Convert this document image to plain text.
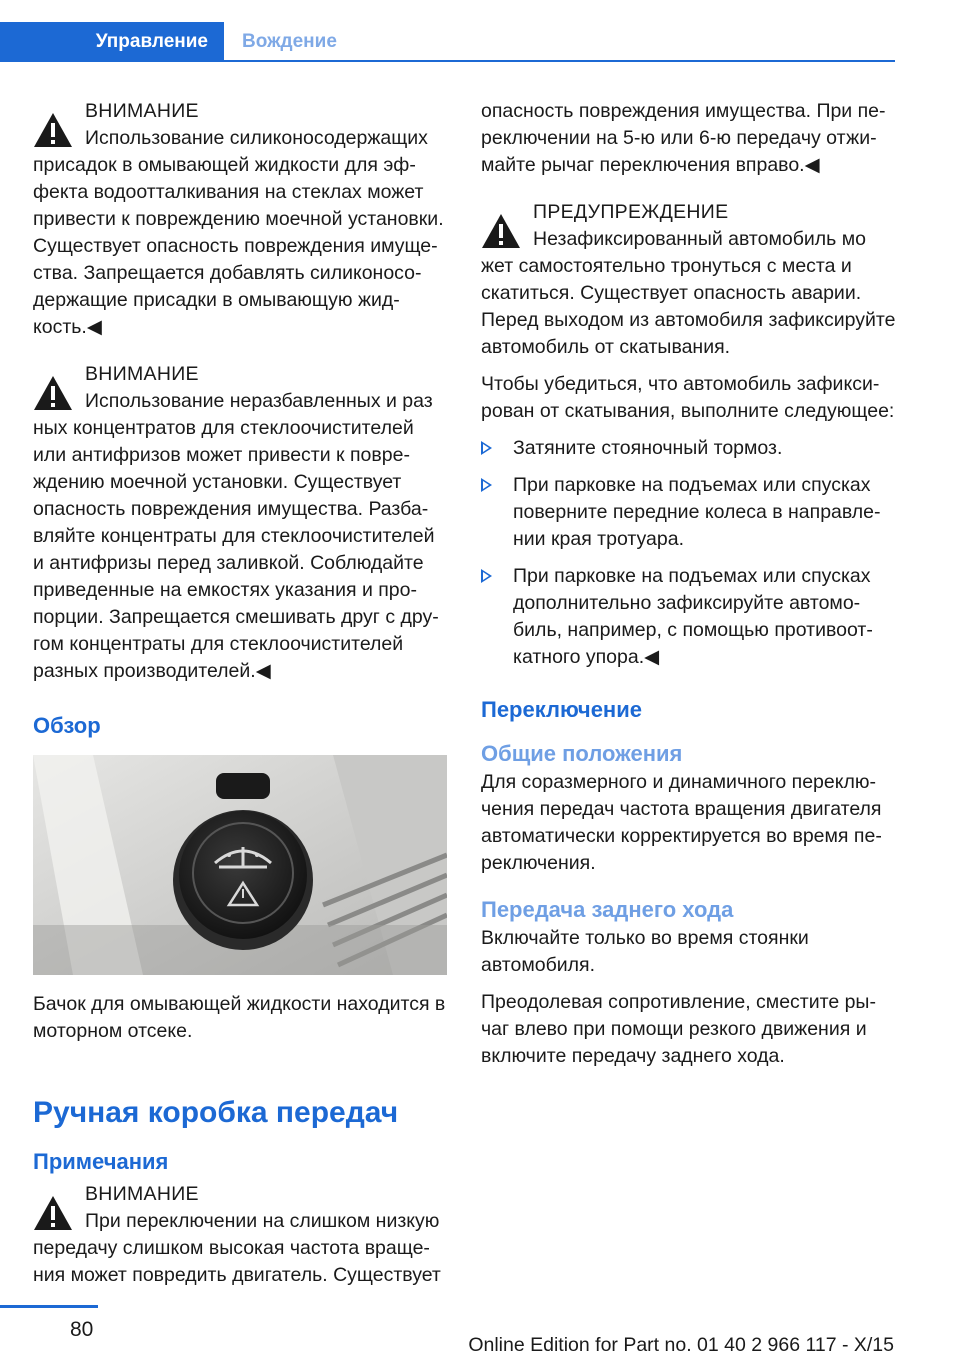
Управление	Вождение

ВНИМАНИЕ

Использование силиконосодержащих

присадок в омывающей жидкости для эффекта водоотталкивания на стеклах может привести к повреждению моечной установки. Существует опасность повреждения имущества. Запрещается добавлять силиконосодержащие присадки в омывающую жидкость.◀

ВНИМАНИЕ

Использование неразбавленных и раз

ных концентратов для стеклоочистителей или антифризов может привести к повреждению моечной установки. Существует опасность повреждения имущества. Разбавляйте концентраты для стеклоочистителей и антифризы перед заливкой. Соблюдайте приведенные на емкостях указания и пропорции. Запрещается смешивать друг с другом концентраты для стеклоочистителей разных производителей.◀

Обзор

Бачок для омывающей жидкости находится в моторном отсеке.

Ручная коробка передач
Примечания

ВНИМАНИЕ

При переключении на слишком низкую

передачу слишком высокая частота вращения может повредить двигатель. Существует

опасность повреждения имущества. При переключении на 5-ю или 6-ю передачу отжимайте рычаг переключения вправо.◀

ПРЕДУПРЕЖДЕНИЕ

Незафиксированный автомобиль мо

жет самостоятельно тронуться с места и скатиться. Существует опасность аварии. Перед выходом из автомобиля зафиксируйте автомобиль от скатывания.

Чтобы убедиться, что автомобиль зафиксирован от скатывания, выполните следующее:

Затяните стояночный тормоз.

При парковке на подъемах или спусках поверните передние колеса в направлении края тротуара.

При парковке на подъемах или спусках дополнительно зафиксируйте автомобиль, например, с помощью противооткатного упора.◀

Переключение
Общие положения

Для соразмерного и динамичного переключения передач частота вращения двигателя автоматически корректируется во время переключения.

Передача заднего хода

Включайте только во время стоянки автомобиля.

Преодолевая сопротивление, сместите рычаг влево при помощи резкого движения и включите передачу заднего хода.

80
Online Edition for Part no. 01 40 2 966 117 - X/15
